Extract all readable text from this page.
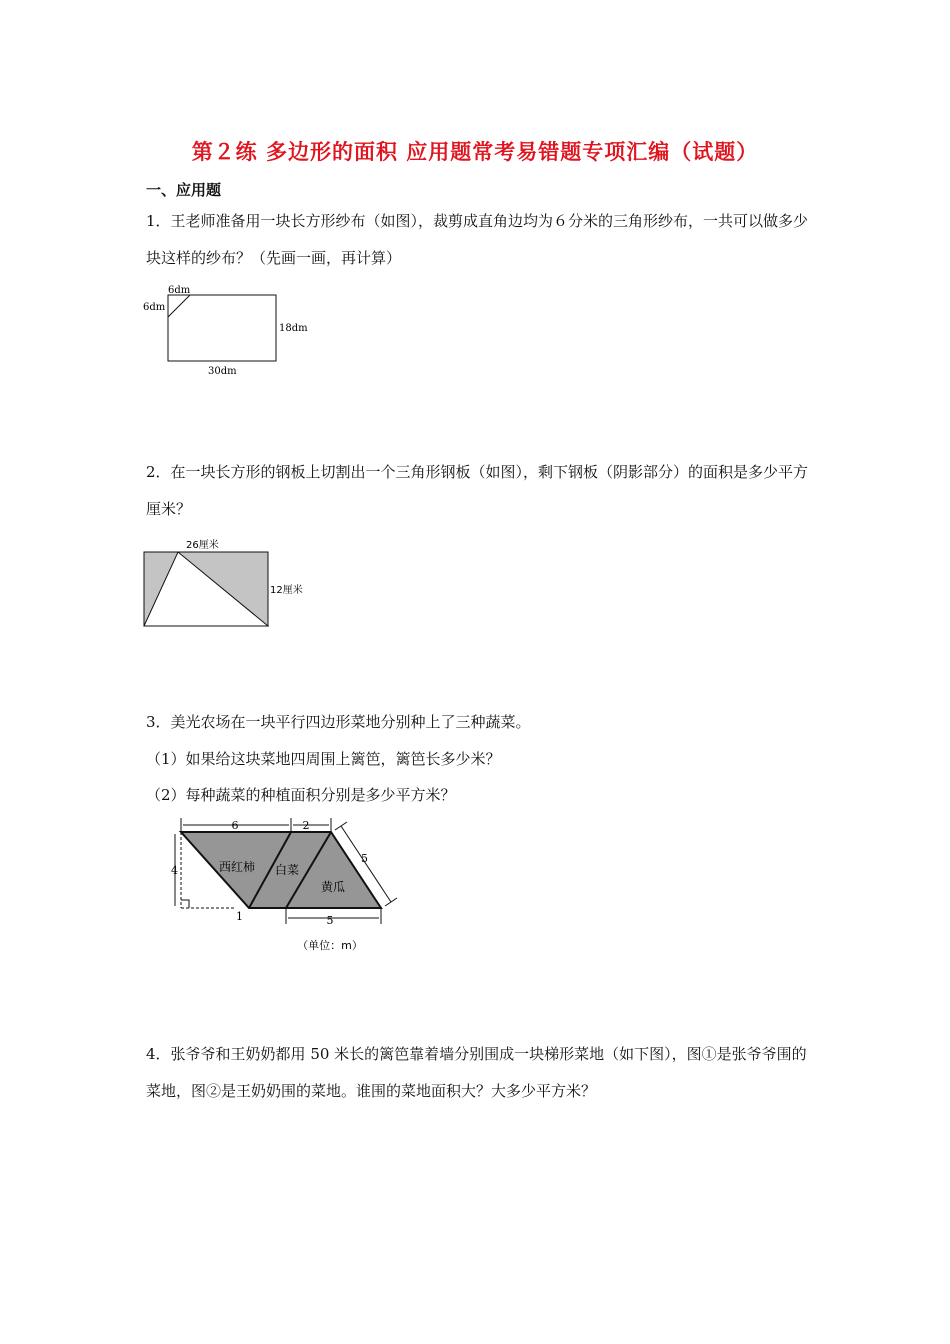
第２练 多边形的面积 应用题常考易错题专项汇编（试题）
一、应用题
1．王老师准备用一块长方形纱布（如图），裁剪成直角边均为６分米的三角形纱布，一共可以做多少块这样的纱布？（先画一画，再计算）
6dm
6dm
18dm
30dm
2．在一块长方形的钢板上切割出一个三角形钢板（如图），剩下钢板（阴影部分）的面积是多少平方厘米？
26厘米
12厘米
3．美光农场在一块平行四边形菜地分别种上了三种蔬菜。
（1）如果给这块菜地四周围上篱笆，篱笆长多少米？
（2）每种蔬菜的种植面积分别是多少平方米？
4
6	2
5
5
1
西红柿 白菜
黄瓜
（单位：m）
4．张爷爷和王奶奶都用 50 米长的篱笆靠着墙分别围成一块梯形菜地（如下图），图①是张爷爷围的菜地，图②是王奶奶围的菜地。谁围的菜地面积大？大多少平方米？
